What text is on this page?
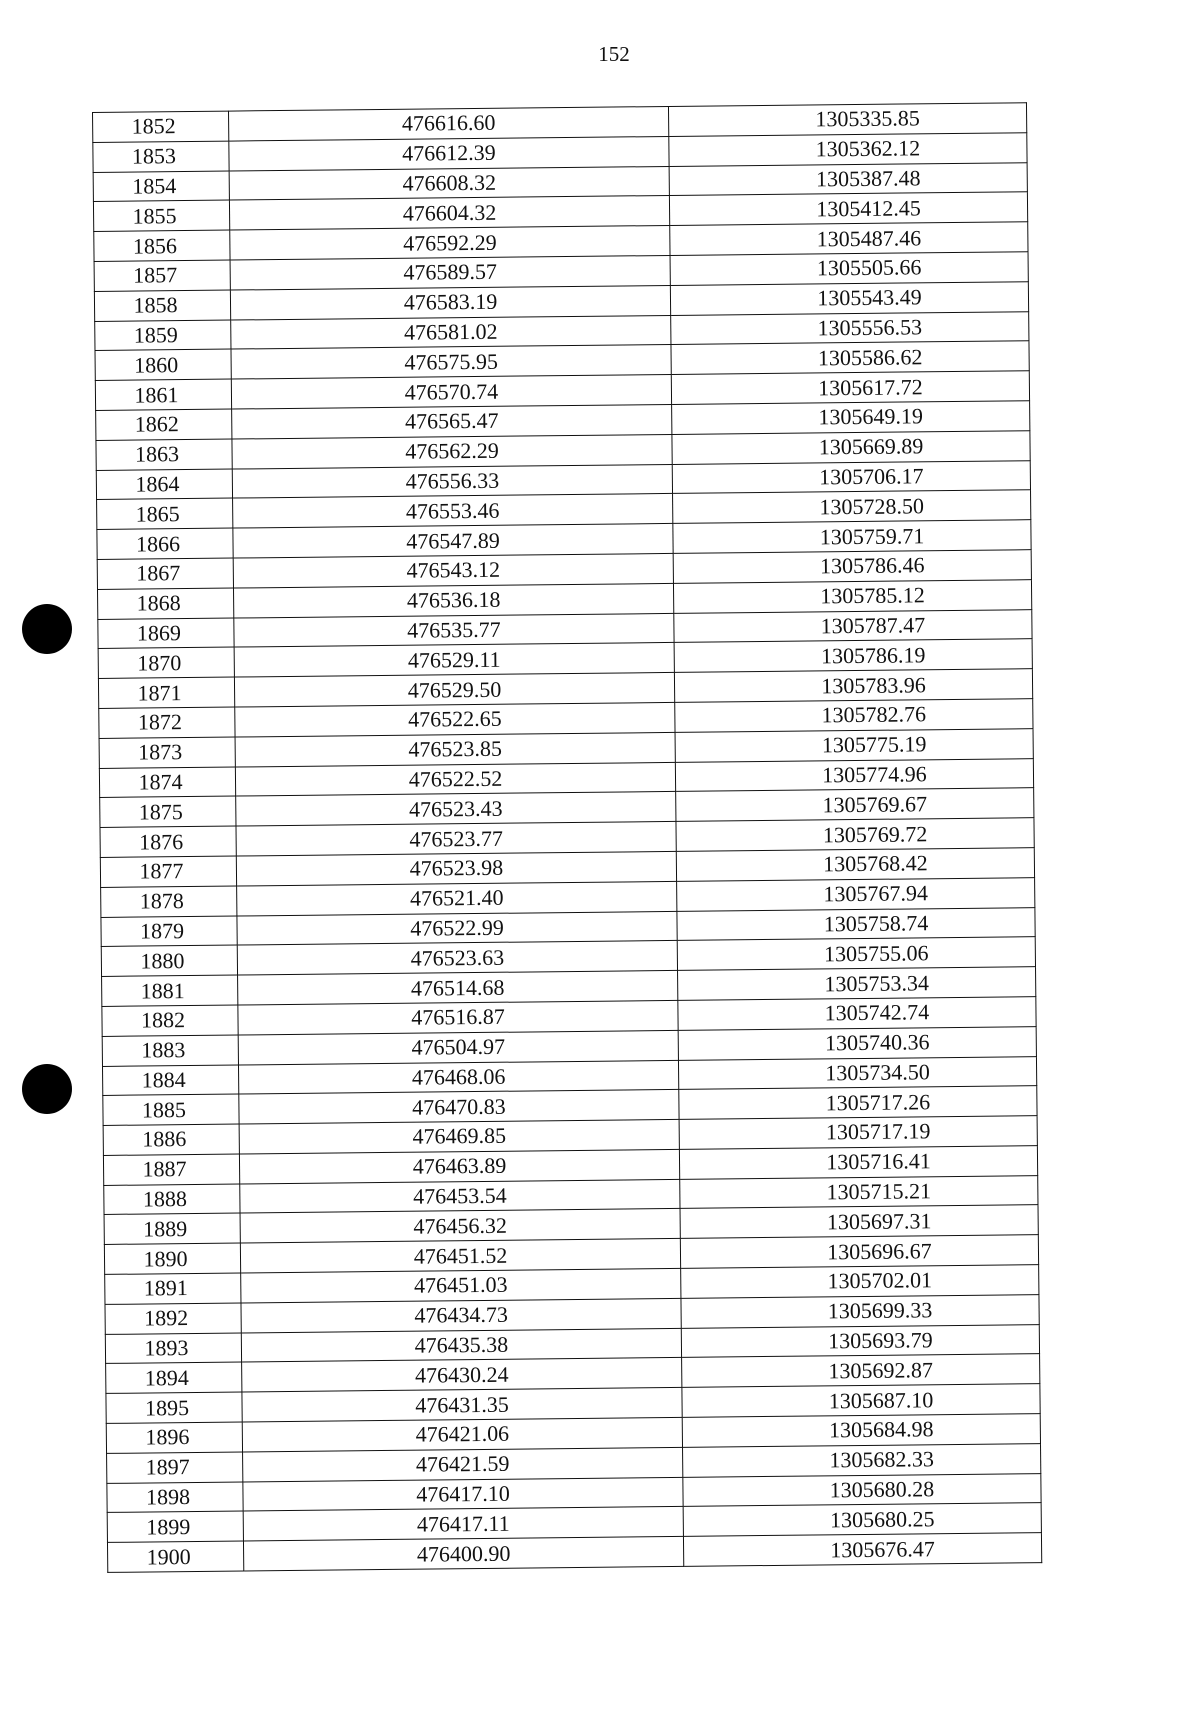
152
1852	476616.60	1305335.85
1853	476612.39	1305362.12
1854	476608.32	1305387.48
1855	476604.32	1305412.45
1856	476592.29	1305487.46
1857	476589.57	1305505.66
1858	476583.19	1305543.49
1859	476581.02	1305556.53
1860	476575.95	1305586.62
1861	476570.74	1305617.72
1862	476565.47	1305649.19
1863	476562.29	1305669.89
1864	476556.33	1305706.17
1865	476553.46	1305728.50
1866	476547.89	1305759.71
1867	476543.12	1305786.46
1868	476536.18	1305785.12
1869	476535.77	1305787.47
1870	476529.11	1305786.19
1871	476529.50	1305783.96
1872	476522.65	1305782.76
1873	476523.85	1305775.19
1874	476522.52	1305774.96
1875	476523.43	1305769.67
1876	476523.77	1305769.72
1877	476523.98	1305768.42
1878	476521.40	1305767.94
1879	476522.99	1305758.74
1880	476523.63	1305755.06
1881	476514.68	1305753.34
1882	476516.87	1305742.74
1883	476504.97	1305740.36
1884	476468.06	1305734.50
1885	476470.83	1305717.26
1886	476469.85	1305717.19
1887	476463.89	1305716.41
1888	476453.54	1305715.21
1889	476456.32	1305697.31
1890	476451.52	1305696.67
1891	476451.03	1305702.01
1892	476434.73	1305699.33
1893	476435.38	1305693.79
1894	476430.24	1305692.87
1895	476431.35	1305687.10
1896	476421.06	1305684.98
1897	476421.59	1305682.33
1898	476417.10	1305680.28
1899	476417.11	1305680.25
1900	476400.90	1305676.47
